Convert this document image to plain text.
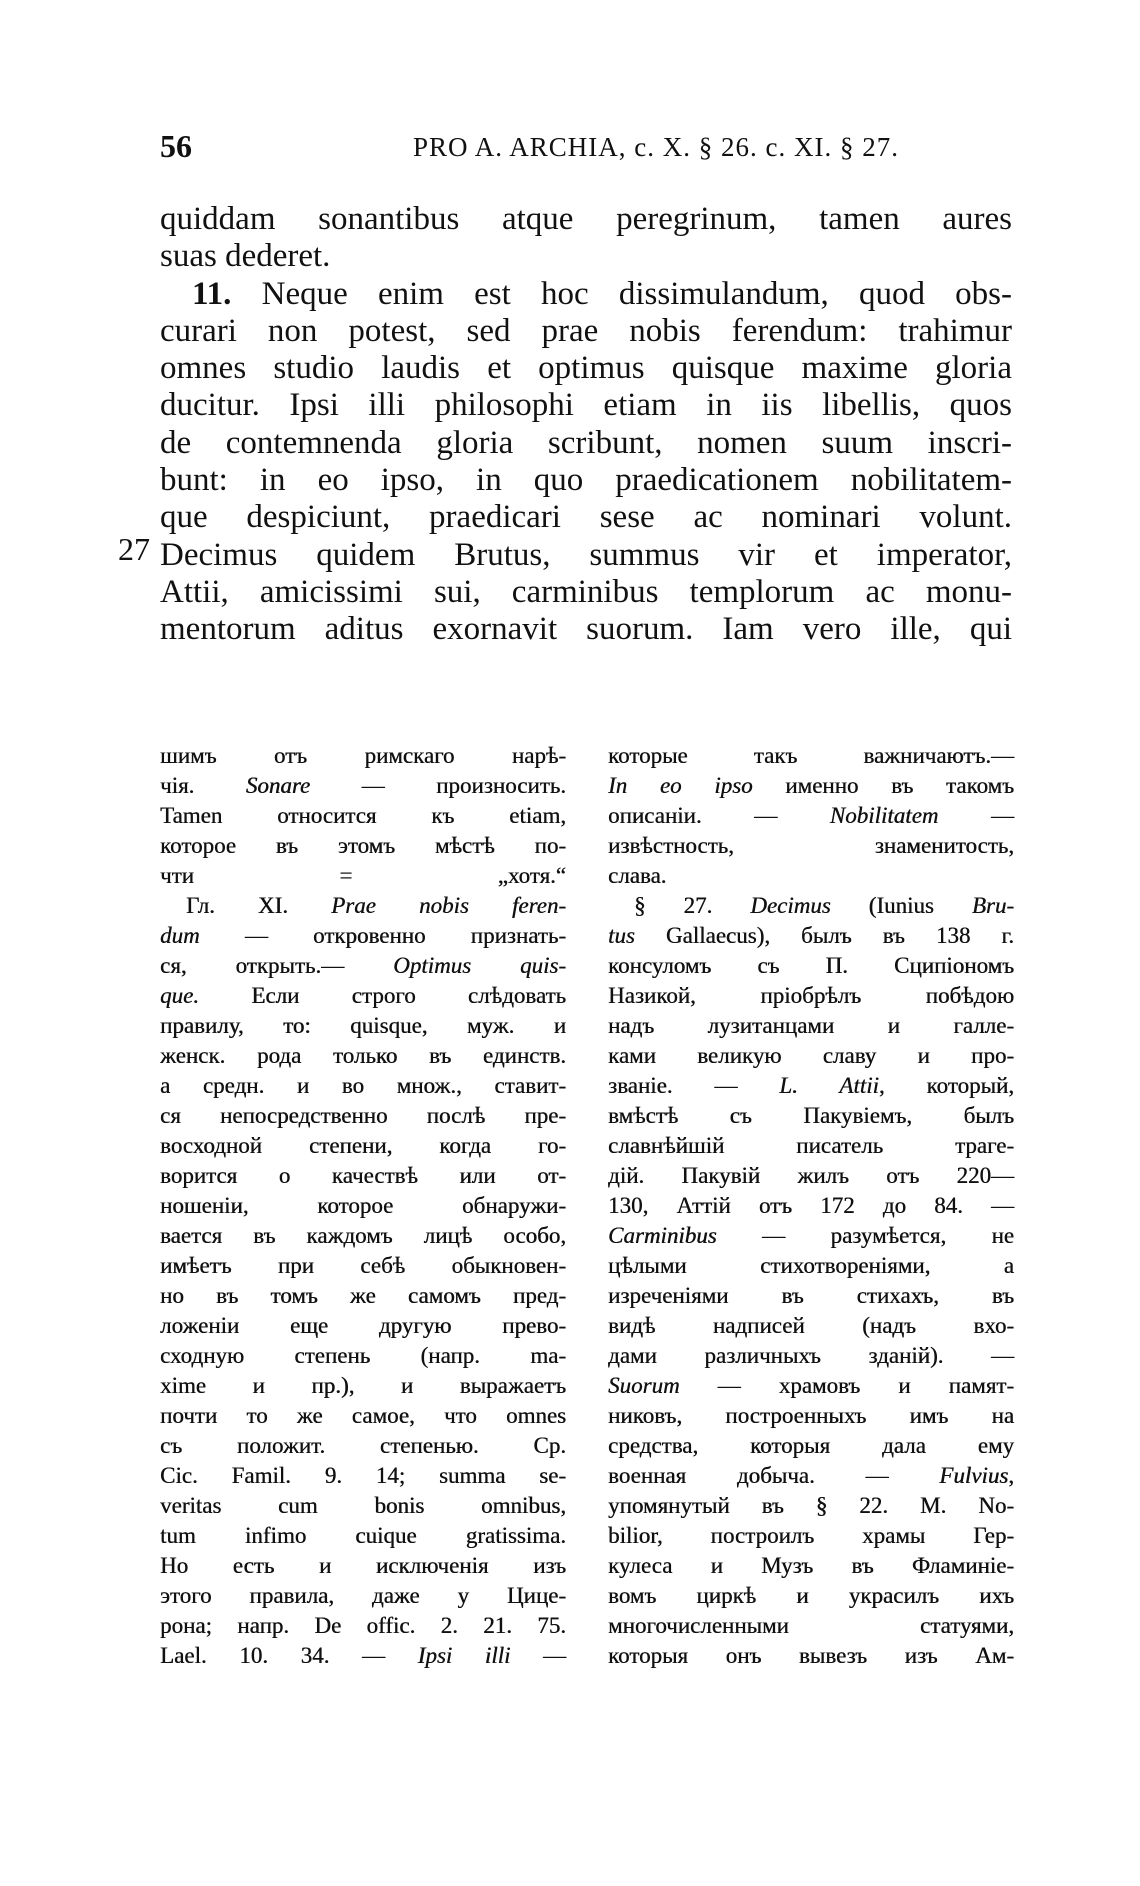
56	PRO A. ARCHIA, c. X. § 26. c. XI. § 27.
quiddam sonantibus atque peregrinum, tamen aures
suas dederet.
11. Neque enim est hoc dissimulandum, quod obs-
curari non potest, sed prae nobis ferendum: trahimur
omnes studio laudis et optimus quisque maxime gloria
ducitur. Ipsi illi philosophi etiam in iis libellis, quos
de contemnenda gloria scribunt, nomen suum inscri-
bunt: in eo ipso, in quo praedicationem nobilitatem-
que despiciunt, praedicari sese ac nominari volunt.
27 Decimus quidem Brutus, summus vir et imperator,
Attii, amicissimi sui, carminibus templorum ac monu-
mentorum aditus exornavit suorum. Iam vero ille, qui
шимъ отъ римскаго нарѣ-
чія. Sonare — произносить.
Tamen относится къ etiam,
которое въ этомъ мѣстѣ по-
чти = „хотя.“
Гл. XI. Prae nobis feren-
dum — откровенно признать-
ся, открыть.— Optimus quis-
que. Если строго слѣдовать
правилу, то: quisque, муж. и
женск. рода только въ единств.
а средн. и во множ., ставит-
ся непосредственно послѣ пре-
восходной степени, когда го-
ворится о качествѣ или от-
ношеніи, которое обнаружи-
вается въ каждомъ лицѣ особо,
имѣетъ при себѣ обыкновен-
но въ томъ же самомъ пред-
ложеніи еще другую прево-
сходную степень (напр. ma-
xime и пр.), и выражаетъ
почти то же самое, что omnes
съ положит. степенью. Ср.
Cic. Famil. 9. 14; summa se-
veritas cum bonis omnibus,
tum infimo cuique gratissima.
Но есть и исключенія изъ
этого правила, даже у Цице-
рона; напр. De offic. 2. 21. 75.
Lael. 10. 34. — Ipsi illi —
которые такъ важничаютъ.—
In eo ipso именно въ такомъ
описаніи. — Nobilitatem —
извѣстность, знаменитость,
слава.
§ 27. Decimus (Iunius Bru-
tus Gallaecus), былъ въ 138 г.
консуломъ съ П. Сципіономъ
Назикой, пріобрѣлъ побѣдою
надъ лузитанцами и галле-
ками великую славу и про-
званіе. — L. Attii, который,
вмѣстѣ съ Пакувіемъ, былъ
славнѣйшій писатель траге-
дій. Пакувій жилъ отъ 220—
130, Аттій отъ 172 до 84. —
Carminibus — разумѣется, не
цѣлыми стихотвореніями, а
изреченіями въ стихахъ, въ
видѣ надписей (надъ вхо-
дами различныхъ зданій). —
Suorum — храмовъ и памят-
никовъ, построенныхъ имъ на
средства, которыя дала ему
военная добыча. — Fulvius,
упомянутый въ § 22. M. No-
bilior, построилъ храмы Гер-
кулеса и Музъ въ Фламиніе-
вомъ циркѣ и украсилъ ихъ
многочисленными статуями,
которыя онъ вывезъ изъ Ам-
